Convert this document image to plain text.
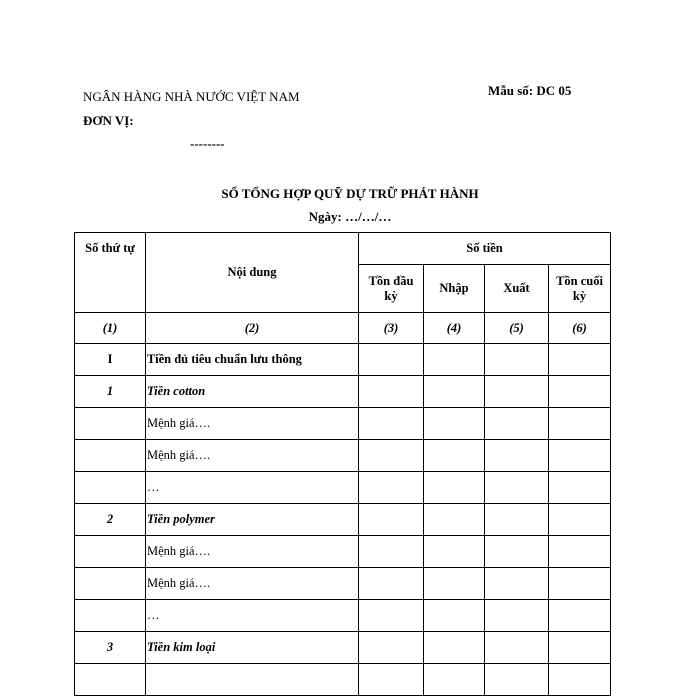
NGÂN HÀNG NHÀ NƯỚC VIỆT NAM
ĐƠN VỊ:
--------
Mẫu số: DC 05
SỔ TỔNG HỢP QUỸ DỰ TRỮ PHÁT HÀNH
Ngày: …/…/…
Số thứ tự	Nội dung	Số tiền			
		Tồn đầu kỳ	Nhập	Xuất	Tồn cuối kỳ
(1)	(2)	(3)	(4)	(5)	(6)
I	Tiền đủ tiêu chuẩn lưu thông				
1	Tiền cotton				
	Mệnh giá….				
	Mệnh giá….				
	…				
2	Tiền polymer				
	Mệnh giá….				
	Mệnh giá….				
	…				
3	Tiền kim loại				
